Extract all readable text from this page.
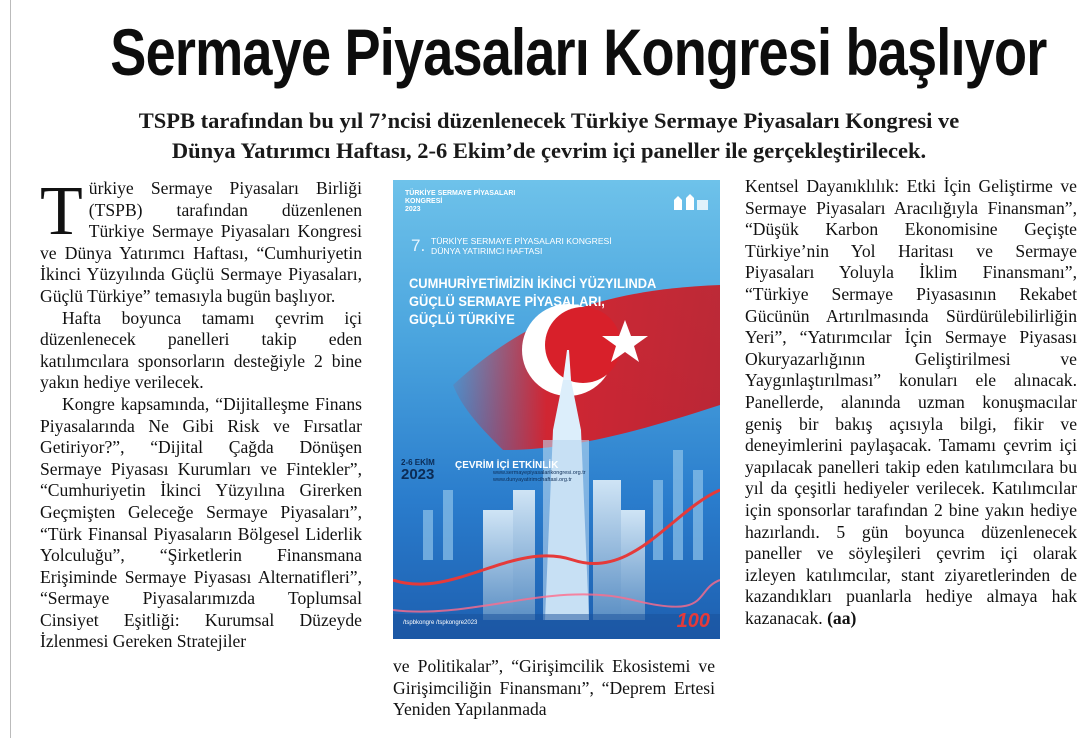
Sermaye Piyasaları Kongresi başlıyor
TSPB tarafından bu yıl 7’ncisi düzenlenecek Türkiye Sermaye Piyasaları Kongresi ve
Dünya Yatırımcı Haftası, 2-6 Ekim’de çevrim içi paneller ile gerçekleştirilecek.

Türkiye Sermaye Piyasaları Birliği (TSPB) tarafından düzenlenen Türkiye Sermaye Piyasaları Kongresi ve Dünya Yatırımcı Haftası, “Cumhuriyetin İkinci Yüzyılında Güçlü Sermaye Piyasaları, Güçlü Türkiye” temasıyla bugün başlıyor.

Hafta boyunca tamamı çevrim içi düzenlenecek panelleri takip eden katılımcılara sponsorların desteğiyle 2 bine yakın hediye verilecek.

Kongre kapsamında, “Dijitalleşme Finans Piyasalarında Ne Gibi Risk ve Fırsatlar Getiriyor?”, “Dijital Çağda Dönüşen Sermaye Piyasası Kurumları ve Fintekler”, “Cumhuriyetin İkinci Yüzyılına Girerken Geçmişten Geleceğe Sermaye Piyasaları”, “Türk Finansal Piyasaların Bölgesel Liderlik Yolculuğu”, “Şirketlerin Finansmana Erişiminde Sermaye Piyasası Alternatifleri”, “Sermaye Piyasalarımızda Toplumsal Cinsiyet Eşitliği: Kurumsal Düzeyde İzlenmesi Gereken Stratejiler

TÜRKİYE SERMAYE PİYASALARI
KONGRESİ
2023
7. TÜRKİYE SERMAYE PİYASALARI KONGRESİ
DÜNYA YATIRIMCI HAFTASI
CUMHURİYETİMİZİN İKİNCİ YÜZYILINDA
GÜÇLÜ SERMAYE PİYASALARI,
GÜÇLÜ TÜRKİYE
2-6 EKİM
2023
ÇEVRİM İÇİ ETKİNLİK
www.sermayepiyasalarikongresi.org.tr
www.dunyayatirimcihaftasi.org.tr
/tspbkongre /tspkongre2023	100

ve Politikalar”, “Girişimcilik Ekosistemi ve Girişimciliğin Finansmanı”, “Deprem Ertesi Yeniden Yapılanmada

Kentsel Dayanıklılık: Etki İçin Geliştirme ve Sermaye Piyasaları Aracılığıyla Finansman”, “Düşük Karbon Ekonomisine Geçişte Türkiye’nin Yol Haritası ve Sermaye Piyasaları Yoluyla İklim Finansmanı”, “Türkiye Sermaye Piyasasının Rekabet Gücünün Artırılmasında Sürdürülebilirliğin Yeri”, “Yatırımcılar İçin Sermaye Piyasası Okuryazarlığının Geliştirilmesi ve Yaygınlaştırılması” konuları ele alınacak. Panellerde, alanında uzman konuşmacılar geniş bir bakış açısıyla bilgi, fikir ve deneyimlerini paylaşacak. Tamamı çevrim içi yapılacak panelleri takip eden katılımcılara bu yıl da çeşitli hediyeler verilecek. Katılımcılar için sponsorlar tarafından 2 bine yakın hediye hazırlandı. 5 gün boyunca düzenlenecek paneller ve söyleşileri çevrim içi olarak izleyen katılımcılar, stant ziyaretlerinden de kazandıkları puanlarla hediye almaya hak kazanacak. (aa)
